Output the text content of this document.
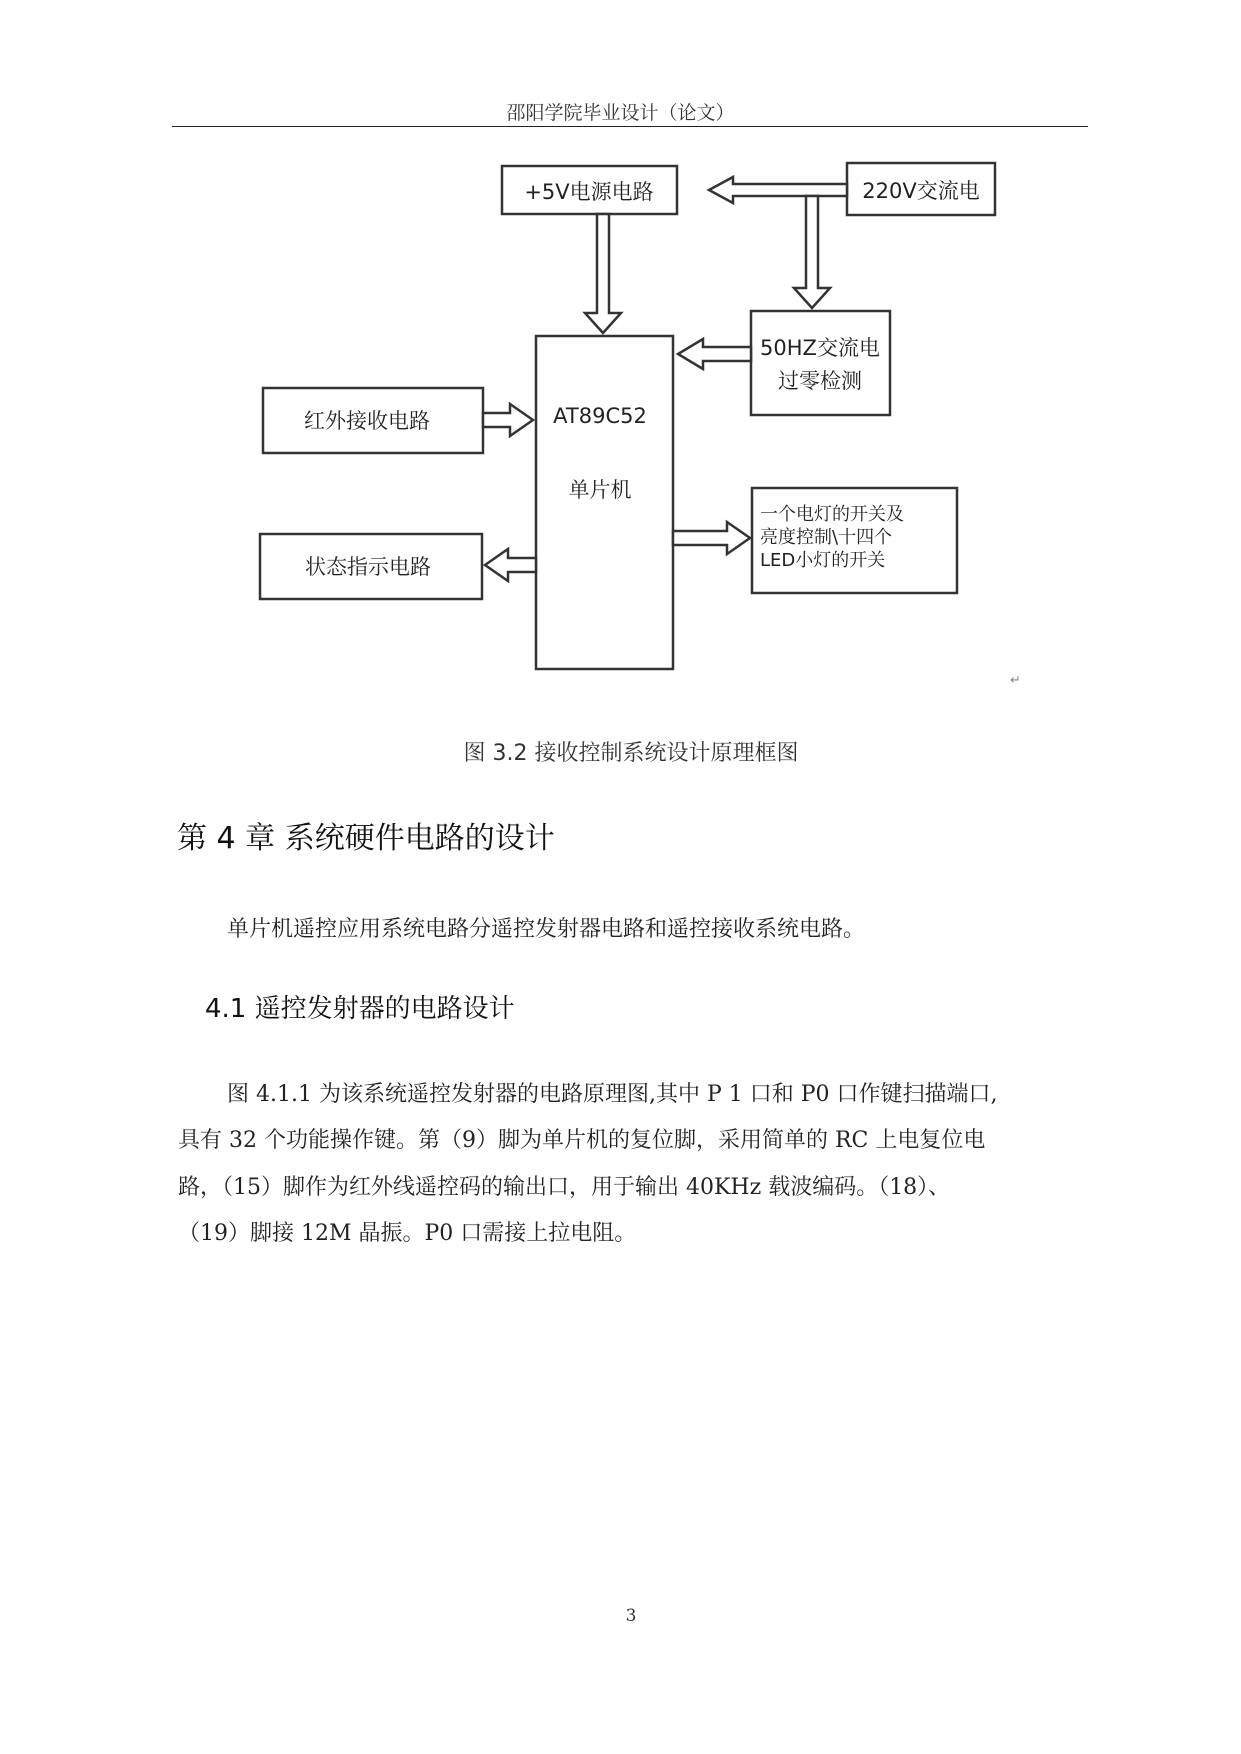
邵阳学院毕业设计（论文）
+5V电源电路	220V交流电
50HZ交流电
过零检测
红外接收电路	AT89C52
单片机
状态指示电路
一个电灯的开关及
亮度控制\十四个
LED小灯的开关
↵
图 3.2 接收控制系统设计原理框图
第 4 章 系统硬件电路的设计
单片机遥控应用系统电路分遥控发射器电路和遥控接收系统电路。
4.1 遥控发射器的电路设计
图 4.1.1 为该系统遥控发射器的电路原理图,其中 P 1 口和 P0 口作键扫描端口,
具有 32 个功能操作键。第（9）脚为单片机的复位脚，采用简单的 RC 上电复位电
路，（15）脚作为红外线遥控码的输出口，用于输出 40KHz 载波编码。（18）、
（19）脚接 12M 晶振。P0 口需接上拉电阻。
3
